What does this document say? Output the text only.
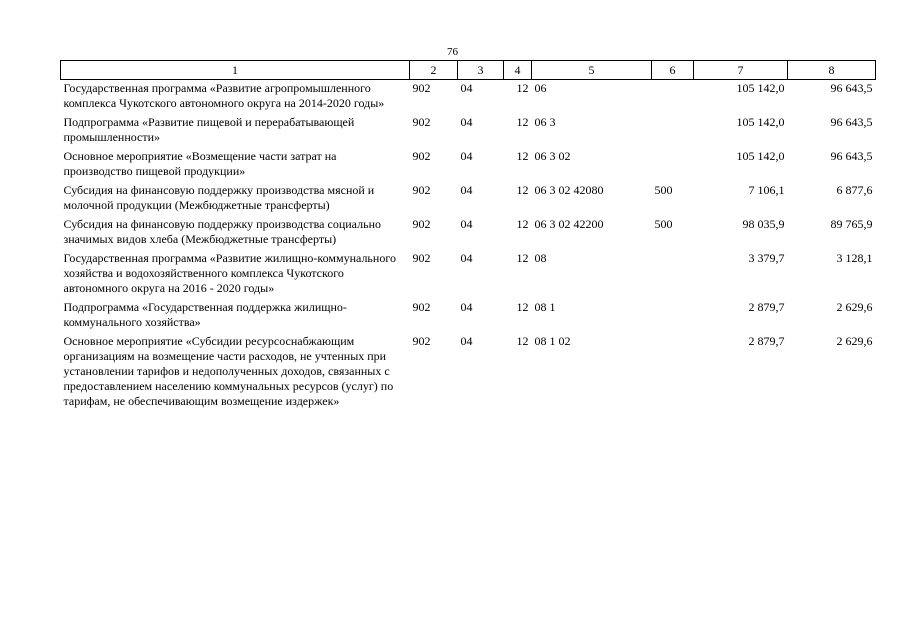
76
1	2	3	4	5	6	7	8
Государственная программа «Развитие агропромышленного комплекса Чукотского автономного округа на 2014-2020 годы»	902	04	12	06		105 142,0	96 643,5
Подпрограмма «Развитие пищевой и перерабатывающей промышленности»	902	04	12	06 3		105 142,0	96 643,5
Основное мероприятие «Возмещение части затрат на производство пищевой продукции»	902	04	12	06 3 02		105 142,0	96 643,5
Субсидия на финансовую поддержку производства мясной и молочной продукции (Межбюджетные трансферты)	902	04	12	06 3 02 42080	500	7 106,1	6 877,6
Субсидия на финансовую поддержку производства социально значимых видов хлеба (Межбюджетные трансферты)	902	04	12	06 3 02 42200	500	98 035,9	89 765,9
Государственная программа «Развитие жилищно-коммунального хозяйства и водохозяйственного комплекса Чукотского автономного округа на 2016 - 2020 годы»	902	04	12	08		3 379,7	3 128,1
Подпрограмма «Государственная поддержка жилищно-коммунального хозяйства»	902	04	12	08 1		2 879,7	2 629,6
Основное мероприятие «Субсидии ресурсоснабжающим организациям на возмещение части расходов, не учтенных при установлении тарифов и недополученных доходов, связанных с предоставлением населению коммунальных ресурсов (услуг) по тарифам, не обеспечивающим возмещение издержек»	902	04	12	08 1 02		2 879,7	2 629,6
